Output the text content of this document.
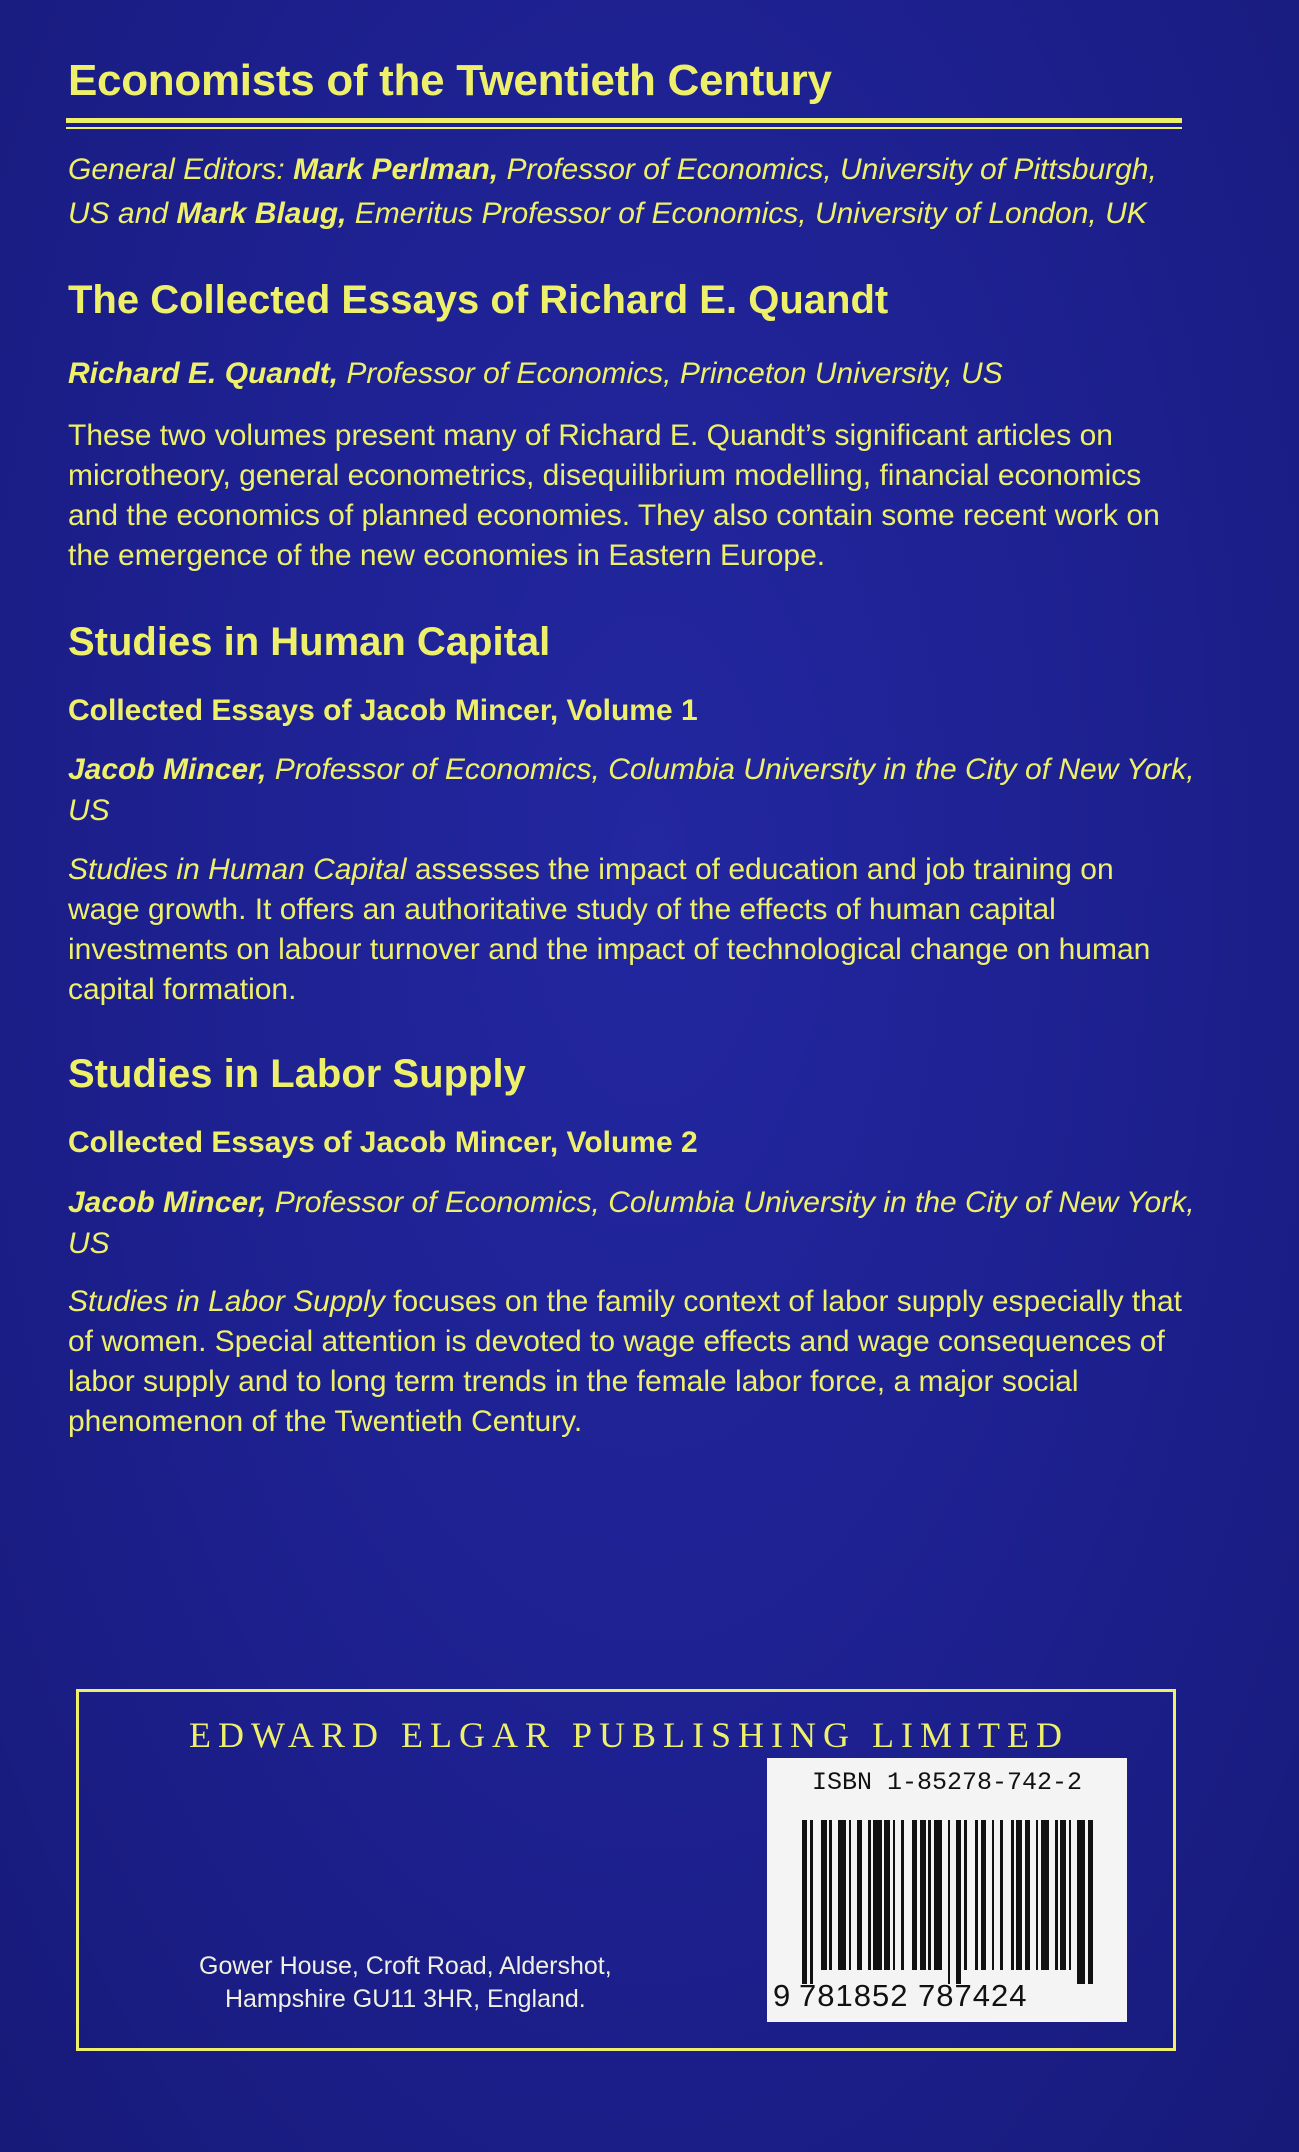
Economists of the Twentieth Century

General Editors: Mark Perlman, Professor of Economics, University of Pittsburgh, US and Mark Blaug, Emeritus Professor of Economics, University of London, UK

The Collected Essays of Richard E. Quandt

Richard E. Quandt, Professor of Economics, Princeton University, US

These two volumes present many of Richard E. Quandt’s significant articles on microtheory, general econometrics, disequilibrium modelling, financial economics and the economics of planned economies. They also contain some recent work on the emergence of the new economies in Eastern Europe.

Studies in Human Capital

Collected Essays of Jacob Mincer, Volume 1

Jacob Mincer, Professor of Economics, Columbia University in the City of New York, US

Studies in Human Capital assesses the impact of education and job training on wage growth. It offers an authoritative study of the effects of human capital investments on labour turnover and the impact of technological change on human capital formation.

Studies in Labor Supply

Collected Essays of Jacob Mincer, Volume 2

Jacob Mincer, Professor of Economics, Columbia University in the City of New York, US

Studies in Labor Supply focuses on the family context of labor supply especially that of women. Special attention is devoted to wage effects and wage consequences of labor supply and to long term trends in the female labor force, a major social phenomenon of the Twentieth Century.

EDWARD ELGAR PUBLISHING LIMITED

Gower House, Croft Road, Aldershot,
Hampshire GU11 3HR, England.

ISBN 1-85278-742-2

9 781852 787424
